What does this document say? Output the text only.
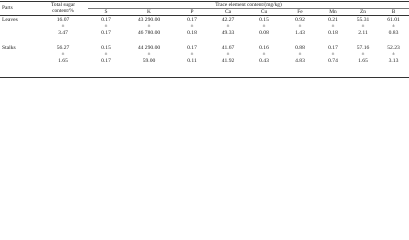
Parts	Total sugar
content/%
Trace element content/(mg/kg)
S	K	P	Ca	Cu	Fe	Mn	Zn	B
Leaves	16.07	0.17	43 290.00	0.17	42.27	0.15	0.92	0.21	55.31	61.01
±	±	±	±	±	±	±	±	±	±
3.47	0.17	46 780.00	0.18	49.33	0.08	1.43	0.18	2.11	0.83
Stalks	56.27	0.15	44 290.00	0.17	41.67	0.16	0.88	0.17	57.16	52.23
±	±	±	±	±	±	±	±	±	±
1.65	0.17	59.00	0.11	41.92	0.43	4.83	0.74	1.65	3.13
